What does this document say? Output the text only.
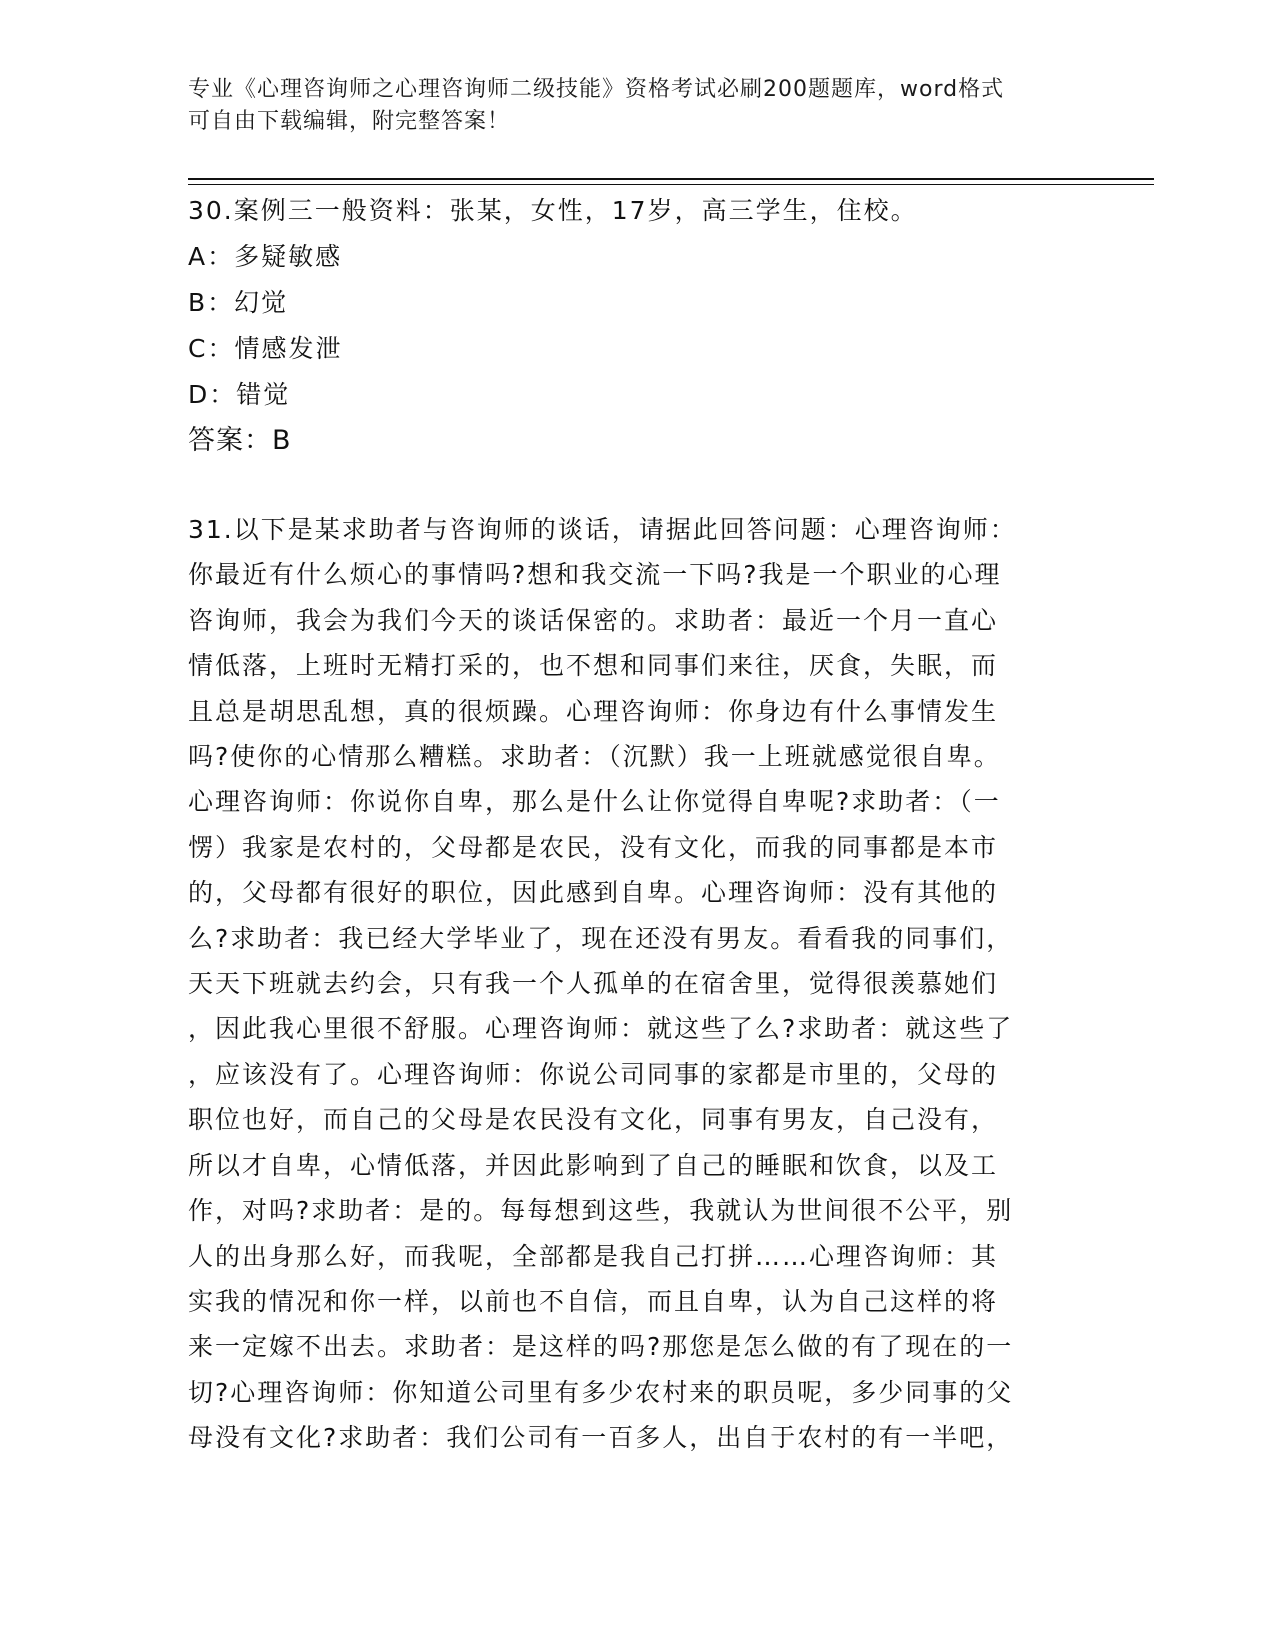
专业《心理咨询师之心理咨询师二级技能》资格考试必刷200题题库，word格式
可自由下载编辑，附完整答案！
30.案例三一般资料：张某，女性，17岁，高三学生，住校。
A：多疑敏感
B：幻觉
C：情感发泄
D：错觉
答案：B
31.以下是某求助者与咨询师的谈话，请据此回答问题：心理咨询师：
你最近有什么烦心的事情吗?想和我交流一下吗?我是一个职业的心理
咨询师，我会为我们今天的谈话保密的。求助者：最近一个月一直心
情低落，上班时无精打采的，也不想和同事们来往，厌食，失眠，而
且总是胡思乱想，真的很烦躁。心理咨询师：你身边有什么事情发生
吗?使你的心情那么糟糕。求助者：（沉默）我一上班就感觉很自卑。
心理咨询师：你说你自卑，那么是什么让你觉得自卑呢?求助者：（一
愣）我家是农村的，父母都是农民，没有文化，而我的同事都是本市
的，父母都有很好的职位，因此感到自卑。心理咨询师：没有其他的
么?求助者：我已经大学毕业了，现在还没有男友。看看我的同事们，
天天下班就去约会，只有我一个人孤单的在宿舍里，觉得很羡慕她们
，因此我心里很不舒服。心理咨询师：就这些了么?求助者：就这些了
，应该没有了。心理咨询师：你说公司同事的家都是市里的，父母的
职位也好，而自己的父母是农民没有文化，同事有男友，自己没有，
所以才自卑，心情低落，并因此影响到了自己的睡眠和饮食，以及工
作，对吗?求助者：是的。每每想到这些，我就认为世间很不公平，别
人的出身那么好，而我呢，全部都是我自己打拼……心理咨询师：其
实我的情况和你一样，以前也不自信，而且自卑，认为自己这样的将
来一定嫁不出去。求助者：是这样的吗?那您是怎么做的有了现在的一
切?心理咨询师：你知道公司里有多少农村来的职员呢，多少同事的父
母没有文化?求助者：我们公司有一百多人，出自于农村的有一半吧，
